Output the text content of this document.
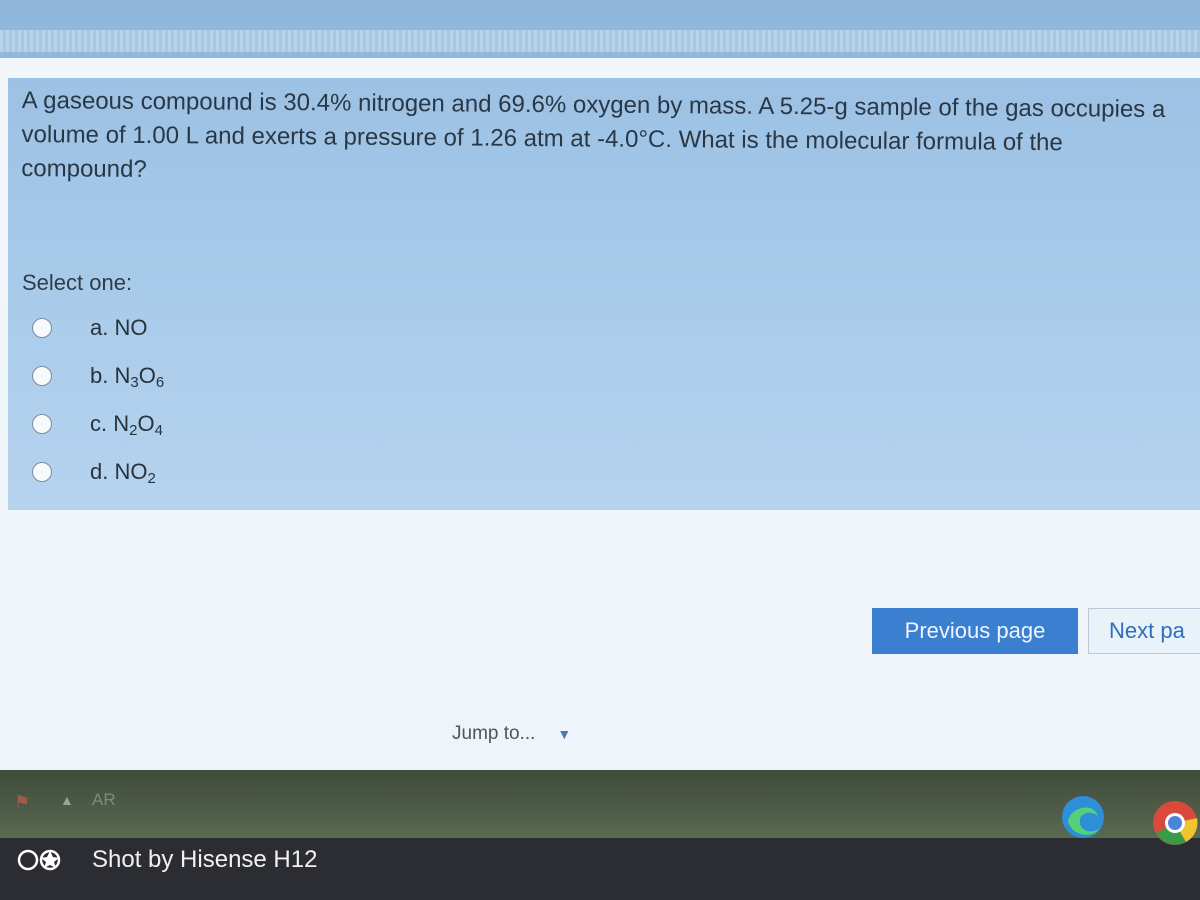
A gaseous compound is 30.4% nitrogen and 69.6% oxygen by mass. A 5.25-g sample of the gas occupies a volume of 1.00 L and exerts a pressure of 1.26 atm at -4.0°C. What is the molecular formula of the compound?
Select one:
a. NO
b. $N_3O_6$
c. $N_2O_4$
d. $NO_2$
Previous page	Next pa
Jump to... ▼
⚑ ▲ AR
Shot by Hisense H12
